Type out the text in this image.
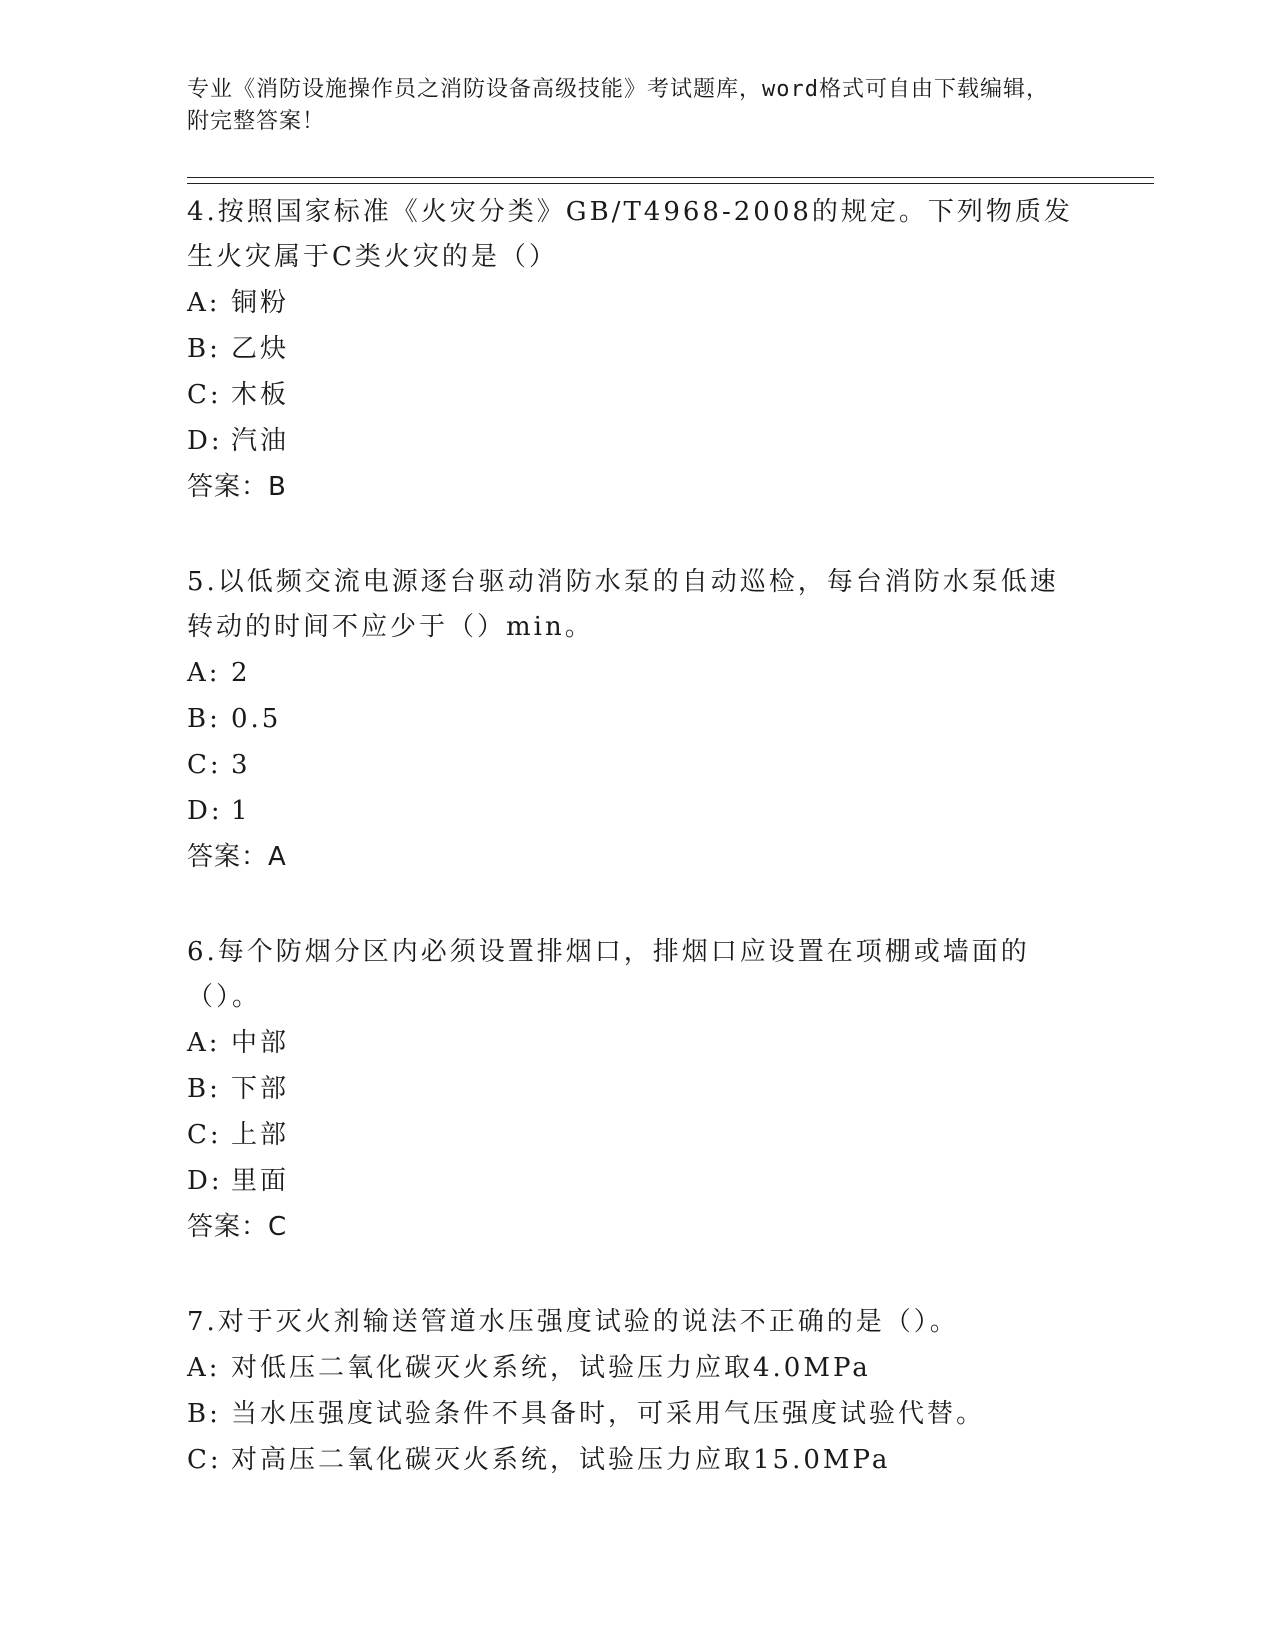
专业《消防设施操作员之消防设备高级技能》考试题库，word格式可自由下载编辑，附完整答案！

4.按照国家标准《火灾分类》GB/T4968-2008的规定。下列物质发生火灾属于C类火灾的是（）

A: 铜粉
B: 乙炔
C: 木板
D: 汽油
答案：B

5.以低频交流电源逐台驱动消防水泵的自动巡检，每台消防水泵低速转动的时间不应少于（）min。

A: 2
B: 0.5
C: 3
D: 1
答案：A

6.每个防烟分区内必须设置排烟口，排烟口应设置在项棚或墙面的（）。

A: 中部
B: 下部
C: 上部
D: 里面
答案：C

7.对于灭火剂输送管道水压强度试验的说法不正确的是（）。

A: 对低压二氧化碳灭火系统，试验压力应取4.0MPa
B: 当水压强度试验条件不具备时，可采用气压强度试验代替。
C: 对高压二氧化碳灭火系统，试验压力应取15.0MPa
